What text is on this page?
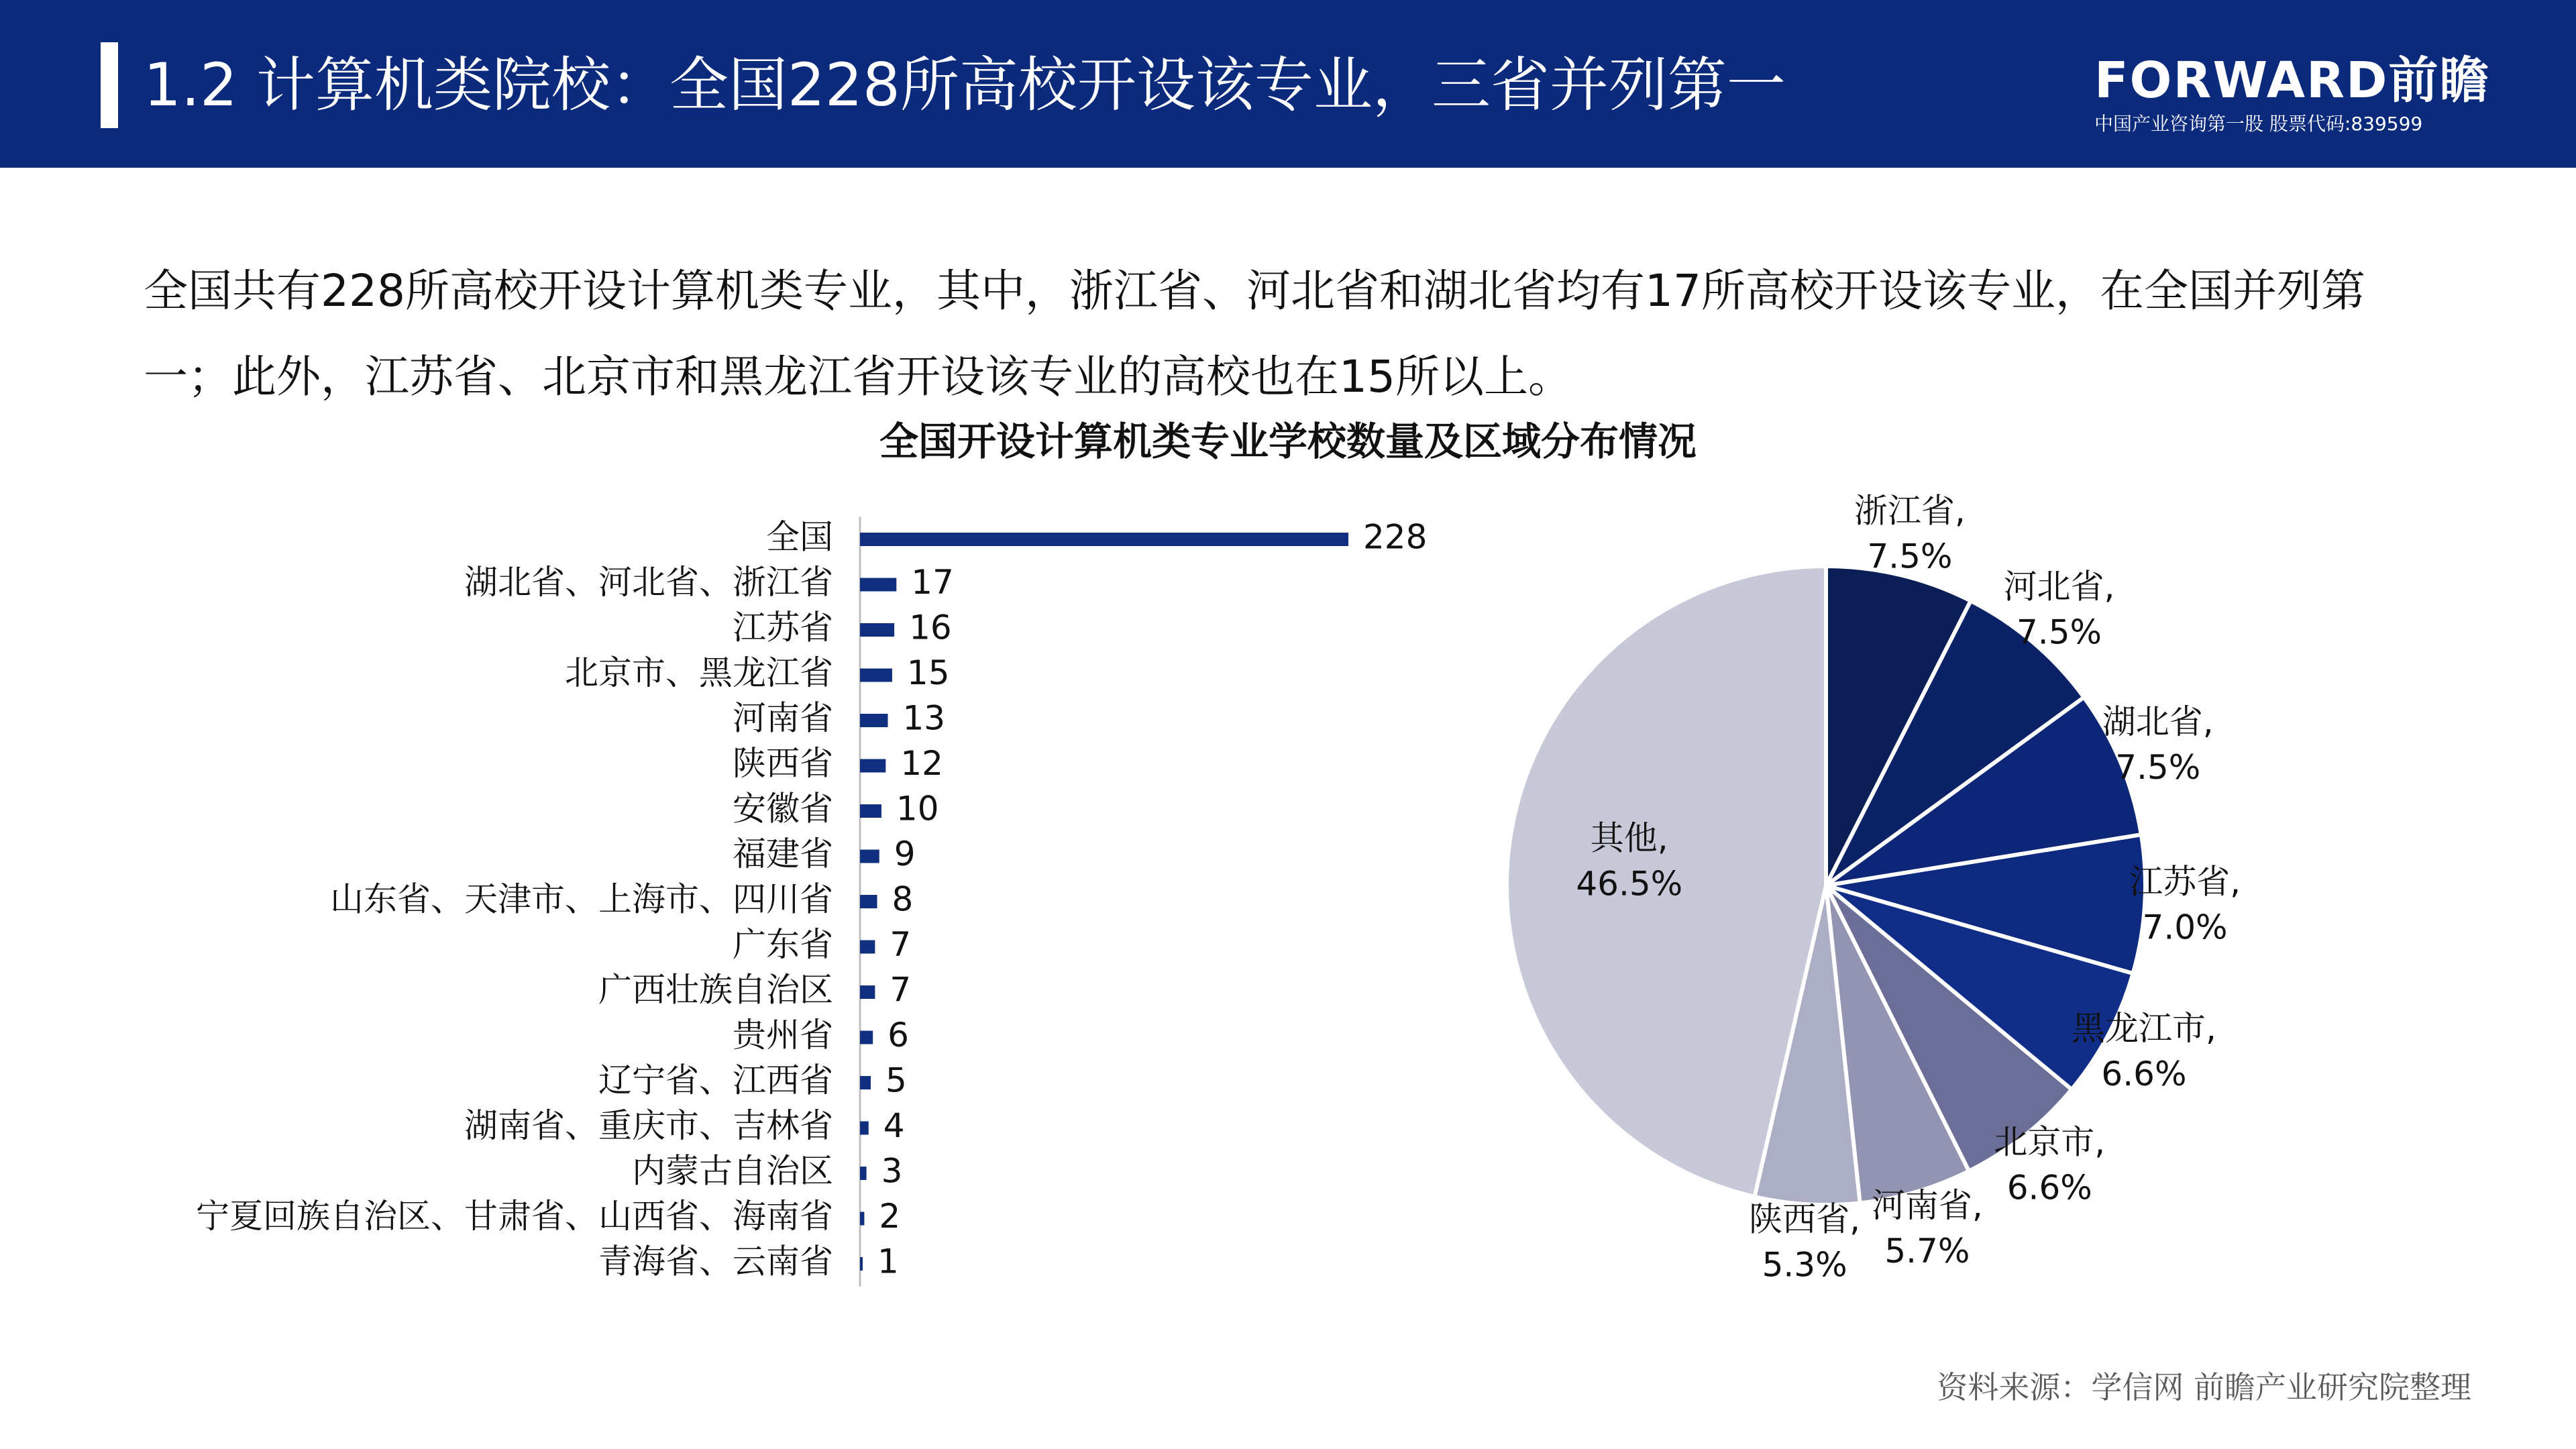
1.2 计算机类院校：全国228所高校开设该专业，三省并列第一	FORWARD前瞻
中国产业咨询第一股 股票代码:839599
全国共有228所高校开设计算机类专业，其中，浙江省、河北省和湖北省均有17所高校开设该专业，在全国并列第一；此外，江苏省、北京市和黑龙江省开设该专业的高校也在15所以上。
全国开设计算机类专业学校数量及区域分布情况
全国	228
湖北省、河北省、浙江省 17
江苏省 16
北京市、黑龙江省 15
河南省 13
陕西省 12
安徽省 10
福建省 9
山东省、天津市、上海市、四川省 8
广东省 7
广西壮族自治区 7
贵州省 6
辽宁省、江西省 5
湖南省、重庆市、吉林省 4
内蒙古自治区 3
宁夏回族自治区、甘肃省、山西省、海南省 2
青海省、云南省 1
浙江省,
7.5%
河北省,
7.5%
湖北省,
7.5%
江苏省,
7.0%
黑龙江市,
6.6%
北京市,
6.6%
河南省,
5.7%
陕西省,
5.3%
其他,
46.5%
资料来源：学信网 前瞻产业研究院整理
